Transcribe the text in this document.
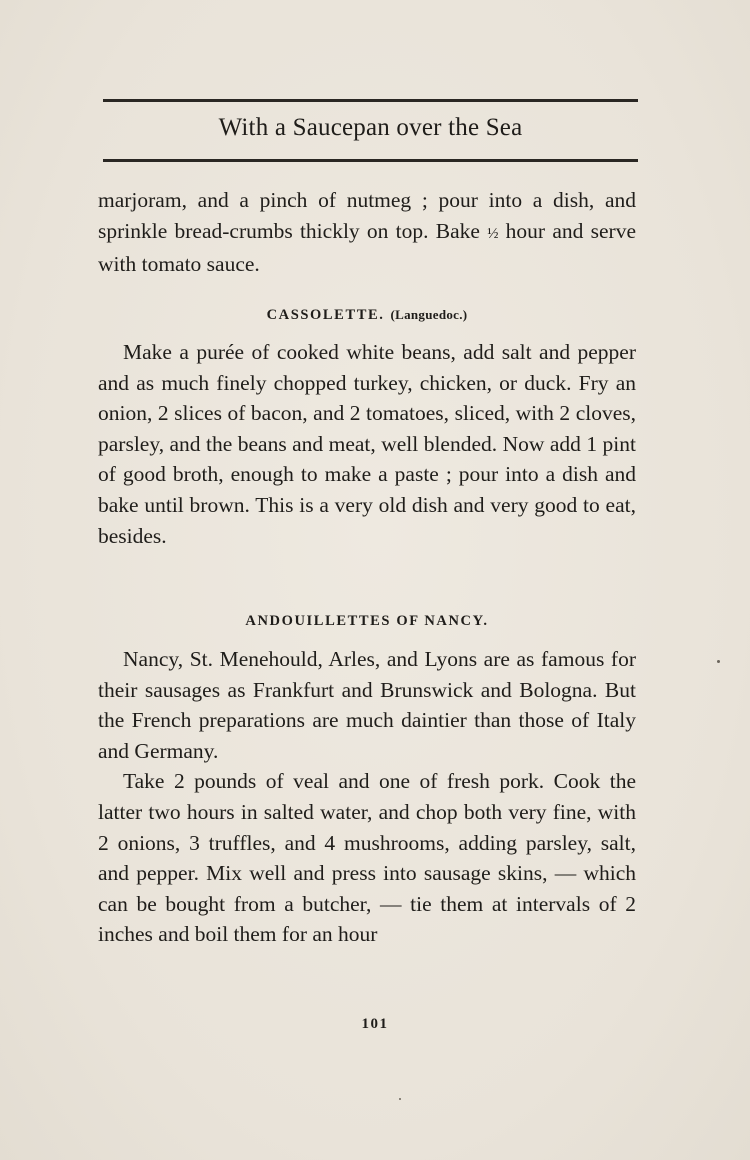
With a Saucepan over the Sea

marjoram, and a pinch of nutmeg ; pour into a dish, and sprinkle bread-crumbs thickly on top. Bake ½ hour and serve with tomato sauce.

CASSOLETTE. (Languedoc.)

Make a purée of cooked white beans, add salt and pepper and as much finely chopped turkey, chicken, or duck. Fry an onion, 2 slices of bacon, and 2 tomatoes, sliced, with 2 cloves, parsley, and the beans and meat, well blended. Now add 1 pint of good broth, enough to make a paste ; pour into a dish and bake until brown. This is a very old dish and very good to eat, besides.

ANDOUILLETTES OF NANCY.

Nancy, St. Menehould, Arles, and Lyons are as famous for their sausages as Frankfurt and Brunswick and Bologna. But the French preparations are much daintier than those of Italy and Germany.

Take 2 pounds of veal and one of fresh pork. Cook the latter two hours in salted water, and chop both very fine, with 2 onions, 3 truffles, and 4 mushrooms, adding parsley, salt, and pepper. Mix well and press into sausage skins, — which can be bought from a butcher, — tie them at intervals of 2 inches and boil them for an hour

101
